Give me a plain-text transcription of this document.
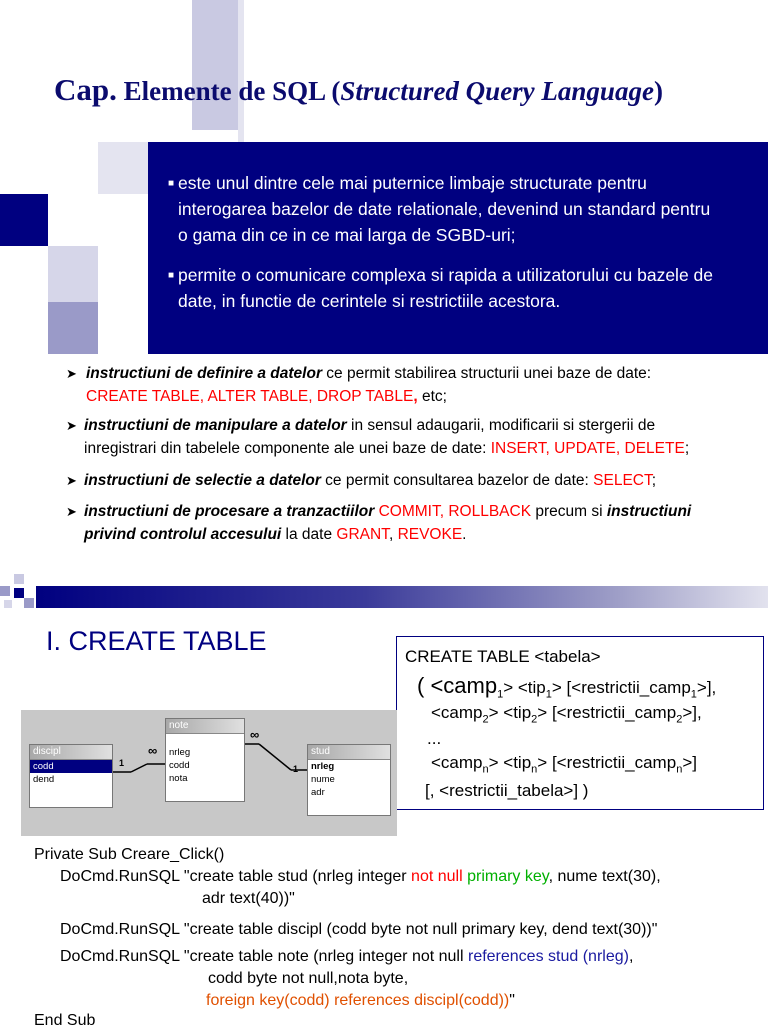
Cap. Elemente de SQL (Structured Query Language)
■ este unul dintre cele mai puternice limbaje structurate pentru
interogarea bazelor de date relationale, devenind un standard pentru
o gama din ce in ce mai larga de SGBD-uri;
■ permite o comunicare complexa si rapida a utilizatorului cu bazele de
date, in functie de cerintele si restrictiile acestora.
➤ instructiuni de definire a datelor ce permit stabilirea structurii unei baze de date:
CREATE TABLE, ALTER TABLE, DROP TABLE, etc;
➤ instructiuni de manipulare a datelor in sensul adaugarii, modificarii si stergerii de
inregistrari din tabelele componente ale unei baze de date: INSERT, UPDATE, DELETE;
➤ instructiuni de selectie a datelor ce permit consultarea bazelor de date: SELECT;
➤ instructiuni de procesare a tranzactiilor COMMIT, ROLLBACK precum si instructiuni
privind controlul accesului la date GRANT, REVOKE.
I. CREATE TABLE
CREATE TABLE <tabela>
( <camp$_1$> <tip$_1$> [<restrictii_camp$_1$>],
<camp$_2$> <tip$_2$> [<restrictii_camp$_2$>],
...
<camp$_n$> <tip$_n$> [<restrictii_camp$_n$>]
[, <restrictii_tabela>] )
1
∞
∞
1
discipl
codd
dend
note
nrleg
codd
nota
stud
nrleg
nume
adr
Private Sub Creare_Click()
DoCmd.RunSQL "create table stud (nrleg integer not null primary key, nume text(30),
adr text(40))"
DoCmd.RunSQL "create table discipl (codd byte not null primary key, dend text(30))"
DoCmd.RunSQL "create table note (nrleg integer not null references stud (nrleg),
codd byte not null,nota byte,
foreign key(codd) references discipl(codd))"
End Sub
